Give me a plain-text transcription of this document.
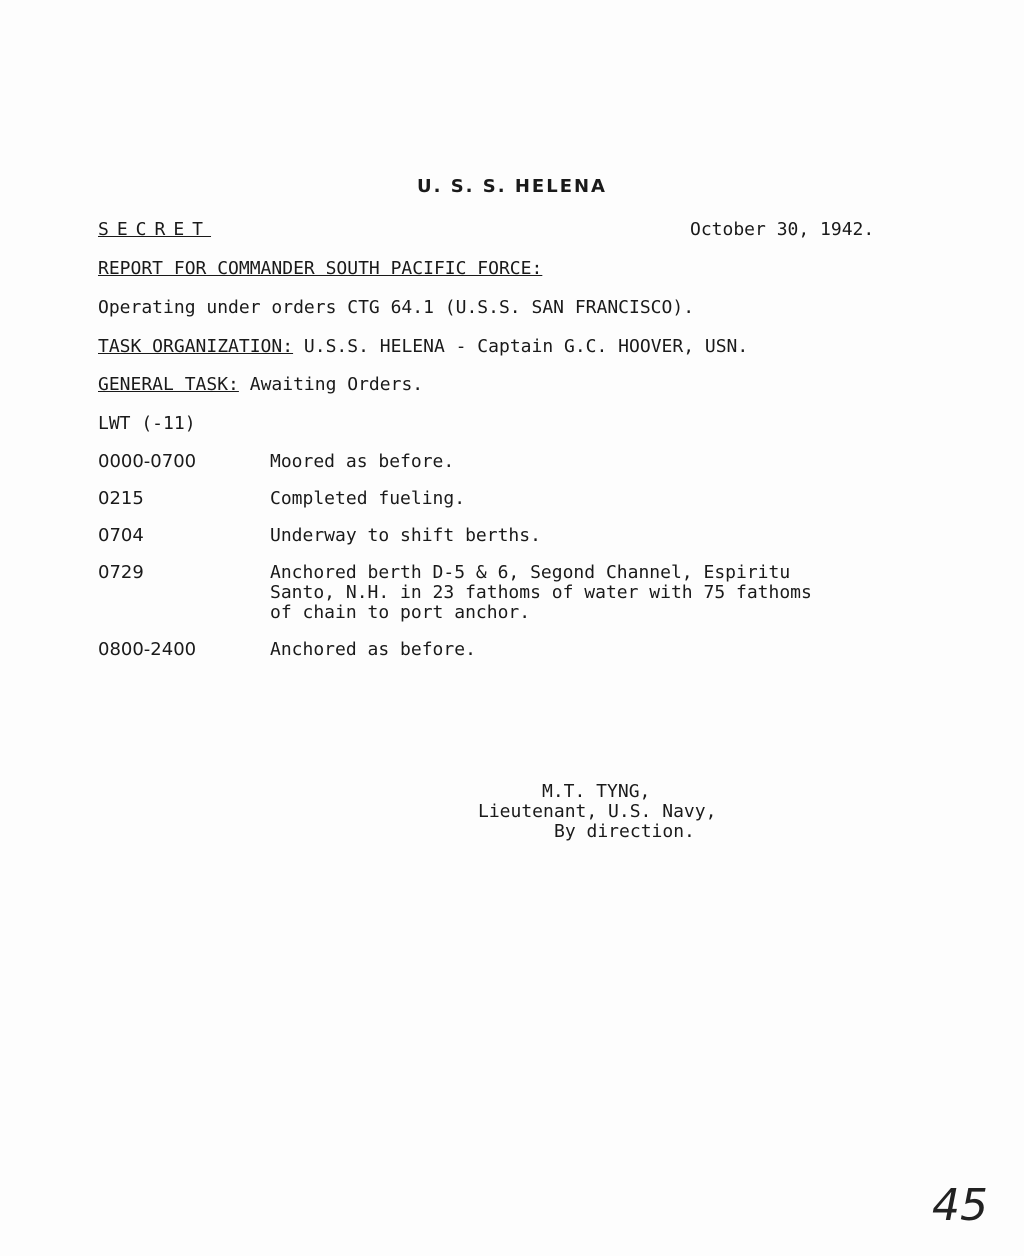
U. S. S. HELENA
SECRET	October 30, 1942.
REPORT FOR COMMANDER SOUTH PACIFIC FORCE:
Operating under orders CTG 64.1 (U.S.S. SAN FRANCISCO).
TASK ORGANIZATION: U.S.S. HELENA - Captain G.C. HOOVER, USN.
GENERAL TASK: Awaiting Orders.
LWT (-11)
0000-0700	Moored as before.
0215	Completed fueling.
0704	Underway to shift berths.
0729	Anchored berth D-5 & 6, Segond Channel, Espiritu
Santo, N.H. in 23 fathoms of water with 75 fathoms
of chain to port anchor.
0800-2400	Anchored as before.
M.T. TYNG,
Lieutenant, U.S. Navy,
By direction.
45
